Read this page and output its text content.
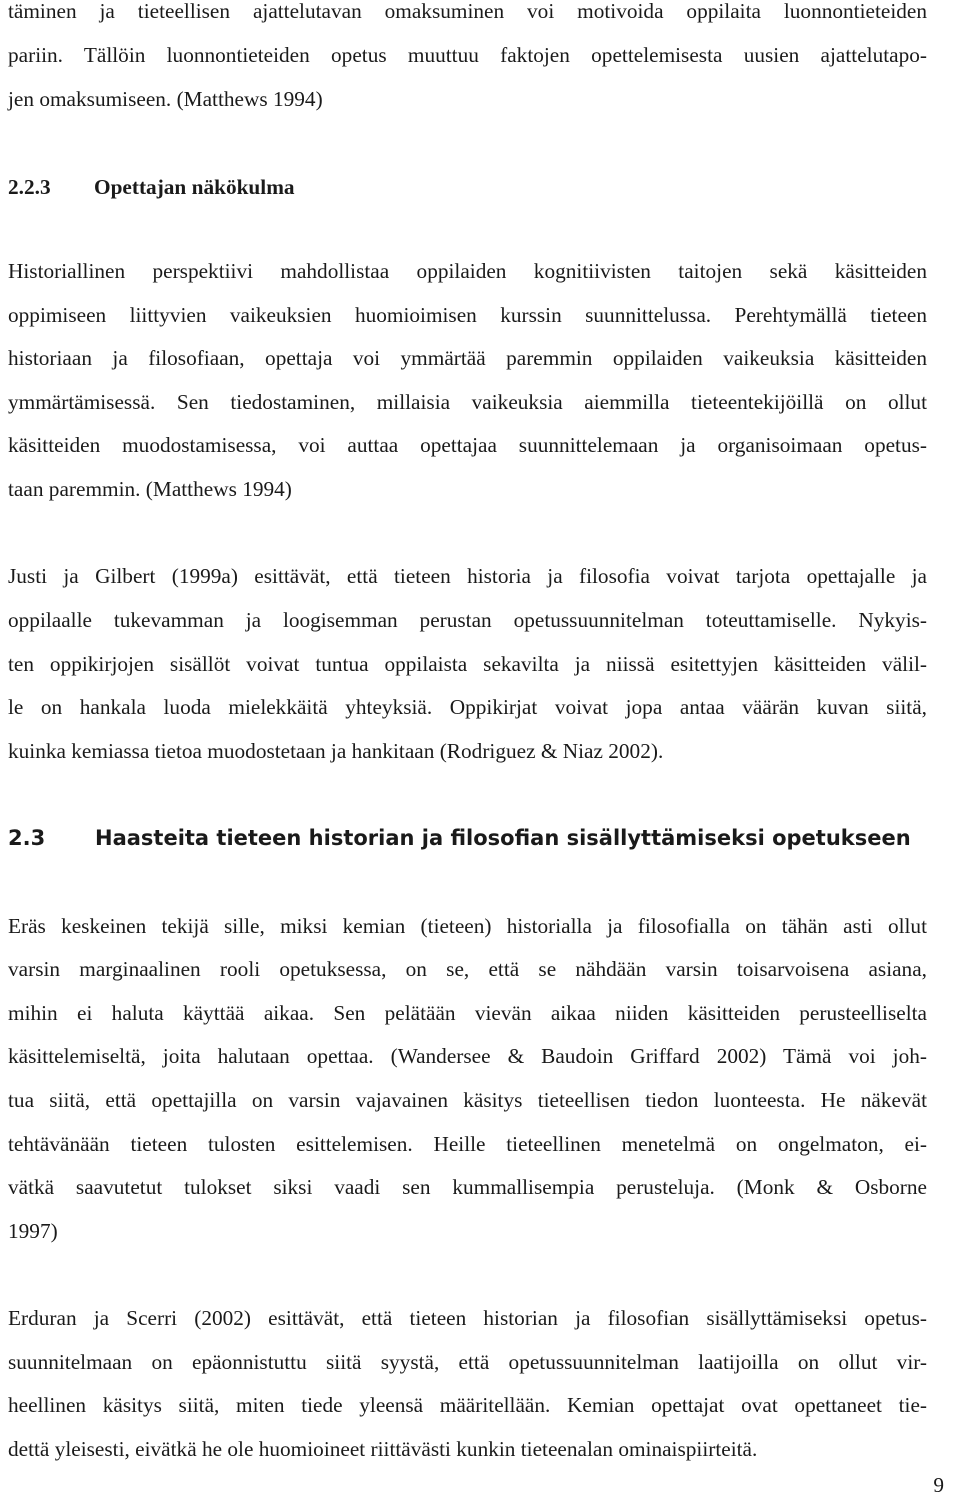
täminen ja tieteellisen ajattelutavan omaksuminen voi motivoida oppilaita luonnontieteiden

pariin. Tällöin luonnontieteiden opetus muuttuu faktojen opettelemisesta uusien ajattelutapo-

jen omaksumiseen. (Matthews 1994)

2.2.3 Opettajan näkökulma

Historiallinen perspektiivi mahdollistaa oppilaiden kognitiivisten taitojen sekä käsitteiden

oppimiseen liittyvien vaikeuksien huomioimisen kurssin suunnittelussa. Perehtymällä tieteen

historiaan ja filosofiaan, opettaja voi ymmärtää paremmin oppilaiden vaikeuksia käsitteiden

ymmärtämisessä. Sen tiedostaminen, millaisia vaikeuksia aiemmilla tieteentekijöillä on ollut

käsitteiden muodostamisessa, voi auttaa opettajaa suunnittelemaan ja organisoimaan opetus-

taan paremmin. (Matthews 1994)

Justi ja Gilbert (1999a) esittävät, että tieteen historia ja filosofia voivat tarjota opettajalle ja

oppilaalle tukevamman ja loogisemman perustan opetussuunnitelman toteuttamiselle. Nykyis-

ten oppikirjojen sisällöt voivat tuntua oppilaista sekavilta ja niissä esitettyjen käsitteiden välil-

le on hankala luoda mielekkäitä yhteyksiä. Oppikirjat voivat jopa antaa väärän kuvan siitä,

kuinka kemiassa tietoa muodostetaan ja hankitaan (Rodriguez & Niaz 2002).

2.3 Haasteita tieteen historian ja filosofian sisällyttämiseksi opetukseen

Eräs keskeinen tekijä sille, miksi kemian (tieteen) historialla ja filosofialla on tähän asti ollut

varsin marginaalinen rooli opetuksessa, on se, että se nähdään varsin toisarvoisena asiana,

mihin ei haluta käyttää aikaa. Sen pelätään vievän aikaa niiden käsitteiden perusteelliselta

käsittelemiseltä, joita halutaan opettaa. (Wandersee & Baudoin Griffard 2002) Tämä voi joh-

tua siitä, että opettajilla on varsin vajavainen käsitys tieteellisen tiedon luonteesta. He näkevät

tehtävänään tieteen tulosten esittelemisen. Heille tieteellinen menetelmä on ongelmaton, ei-

vätkä saavutetut tulokset siksi vaadi sen kummallisempia perusteluja. (Monk & Osborne

1997)

Erduran ja Scerri (2002) esittävät, että tieteen historian ja filosofian sisällyttämiseksi opetus-

suunnitelmaan on epäonnistuttu siitä syystä, että opetussuunnitelman laatijoilla on ollut vir-

heellinen käsitys siitä, miten tiede yleensä määritellään. Kemian opettajat ovat opettaneet tie-

dettä yleisesti, eivätkä he ole huomioineet riittävästi kunkin tieteenalan ominaispiirteitä.

9
